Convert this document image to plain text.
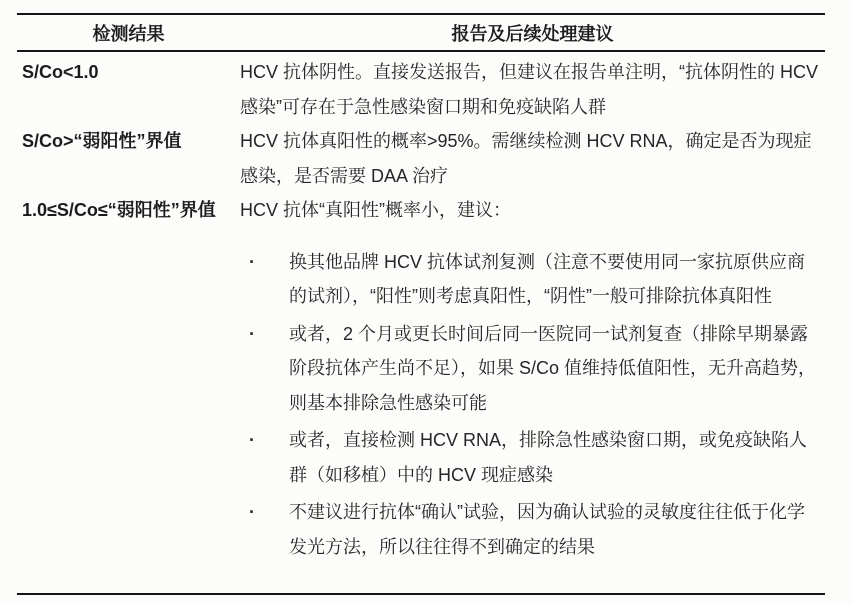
检测结果	报告及后续处理建议
S/Co<1.0	HCV 抗体阴性。直接发送报告，但建议在报告单注明，“抗体阴性的 HCV 感染”可存在于急性感染窗口期和免疫缺陷人群
S/Co>“弱阳性”界值	HCV 抗体真阳性的概率>95%。需继续检测 HCV RNA，确定是否为现症感染，是否需要 DAA 治疗
1.0≤S/Co≤“弱阳性”界值	HCV 抗体“真阳性”概率小，建议：
·	换其他品牌 HCV 抗体试剂复测（注意不要使用同一家抗原供应商的试剂），“阳性”则考虑真阳性，“阴性”一般可排除抗体真阳性
·	或者，2 个月或更长时间后同一医院同一试剂复查（排除早期暴露阶段抗体产生尚不足），如果 S/Co 值维持低值阳性，无升高趋势，则基本排除急性感染可能
·	或者，直接检测 HCV RNA，排除急性感染窗口期，或免疫缺陷人群（如移植）中的 HCV 现症感染
·	不建议进行抗体“确认”试验，因为确认试验的灵敏度往往低于化学发光方法，所以往往得不到确定的结果
